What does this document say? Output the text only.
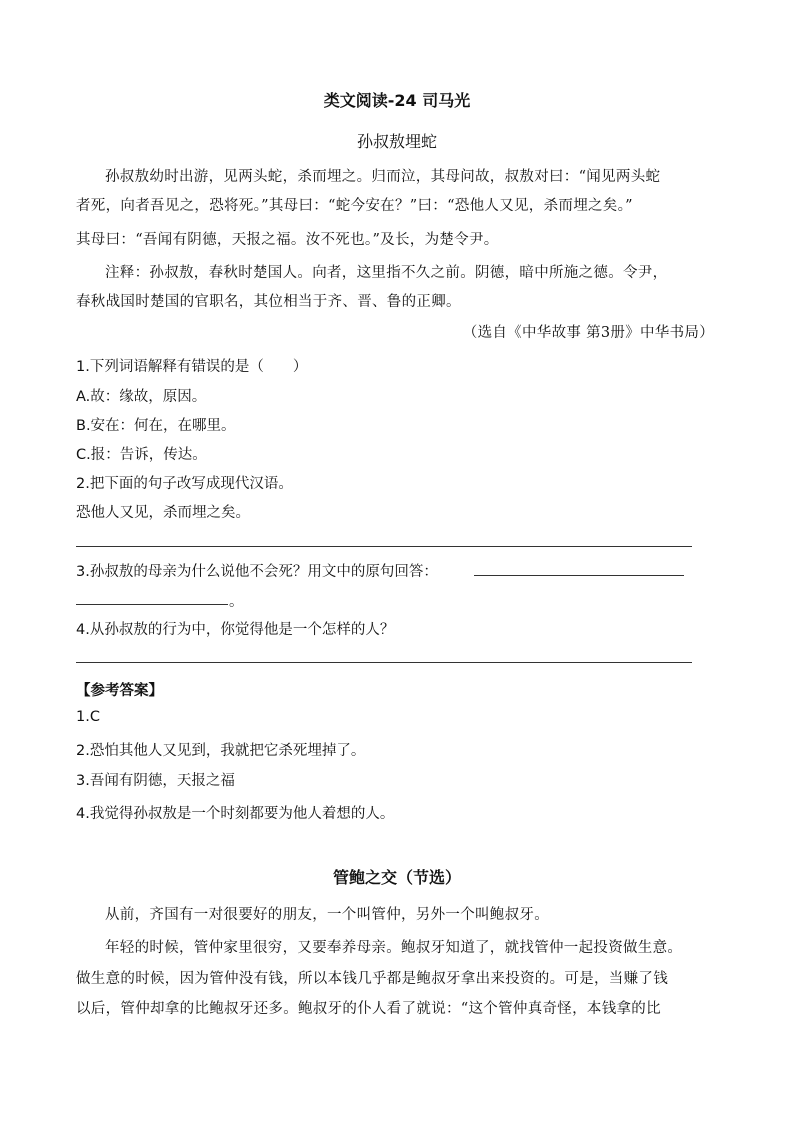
类文阅读-24 司马光
孙叔敖埋蛇
孙叔敖幼时出游，见两头蛇，杀而埋之。归而泣，其母问故，叔敖对曰：“闻见两头蛇
者死，向者吾见之，恐将死。”其母曰：“蛇今安在？”曰：“恐他人又见，杀而埋之矣。”
其母曰：“吾闻有阴德，天报之福。汝不死也。”及长，为楚令尹。
注释：孙叔敖，春秋时楚国人。向者，这里指不久之前。阴德，暗中所施之德。令尹，
春秋战国时楚国的官职名，其位相当于齐、晋、鲁的正卿。
（选自《中华故事 第3册》中华书局）
1.下列词语解释有错误的是（　　）
A.故：缘故，原因。
B.安在：何在，在哪里。
C.报：告诉，传达。
2.把下面的句子改写成现代汉语。
恐他人又见，杀而埋之矣。
3.孙叔敖的母亲为什么说他不会死？用文中的原句回答：
。
4.从孙叔敖的行为中，你觉得他是一个怎样的人？
【参考答案】
1.C
2.恐怕其他人又见到，我就把它杀死埋掉了。
3.吾闻有阴德，天报之福
4.我觉得孙叔敖是一个时刻都要为他人着想的人。
管鲍之交（节选）
从前，齐国有一对很要好的朋友，一个叫管仲，另外一个叫鲍叔牙。
年轻的时候，管仲家里很穷，又要奉养母亲。鲍叔牙知道了，就找管仲一起投资做生意。
做生意的时候，因为管仲没有钱，所以本钱几乎都是鲍叔牙拿出来投资的。可是，当赚了钱
以后，管仲却拿的比鲍叔牙还多。鲍叔牙的仆人看了就说：“这个管仲真奇怪，本钱拿的比
